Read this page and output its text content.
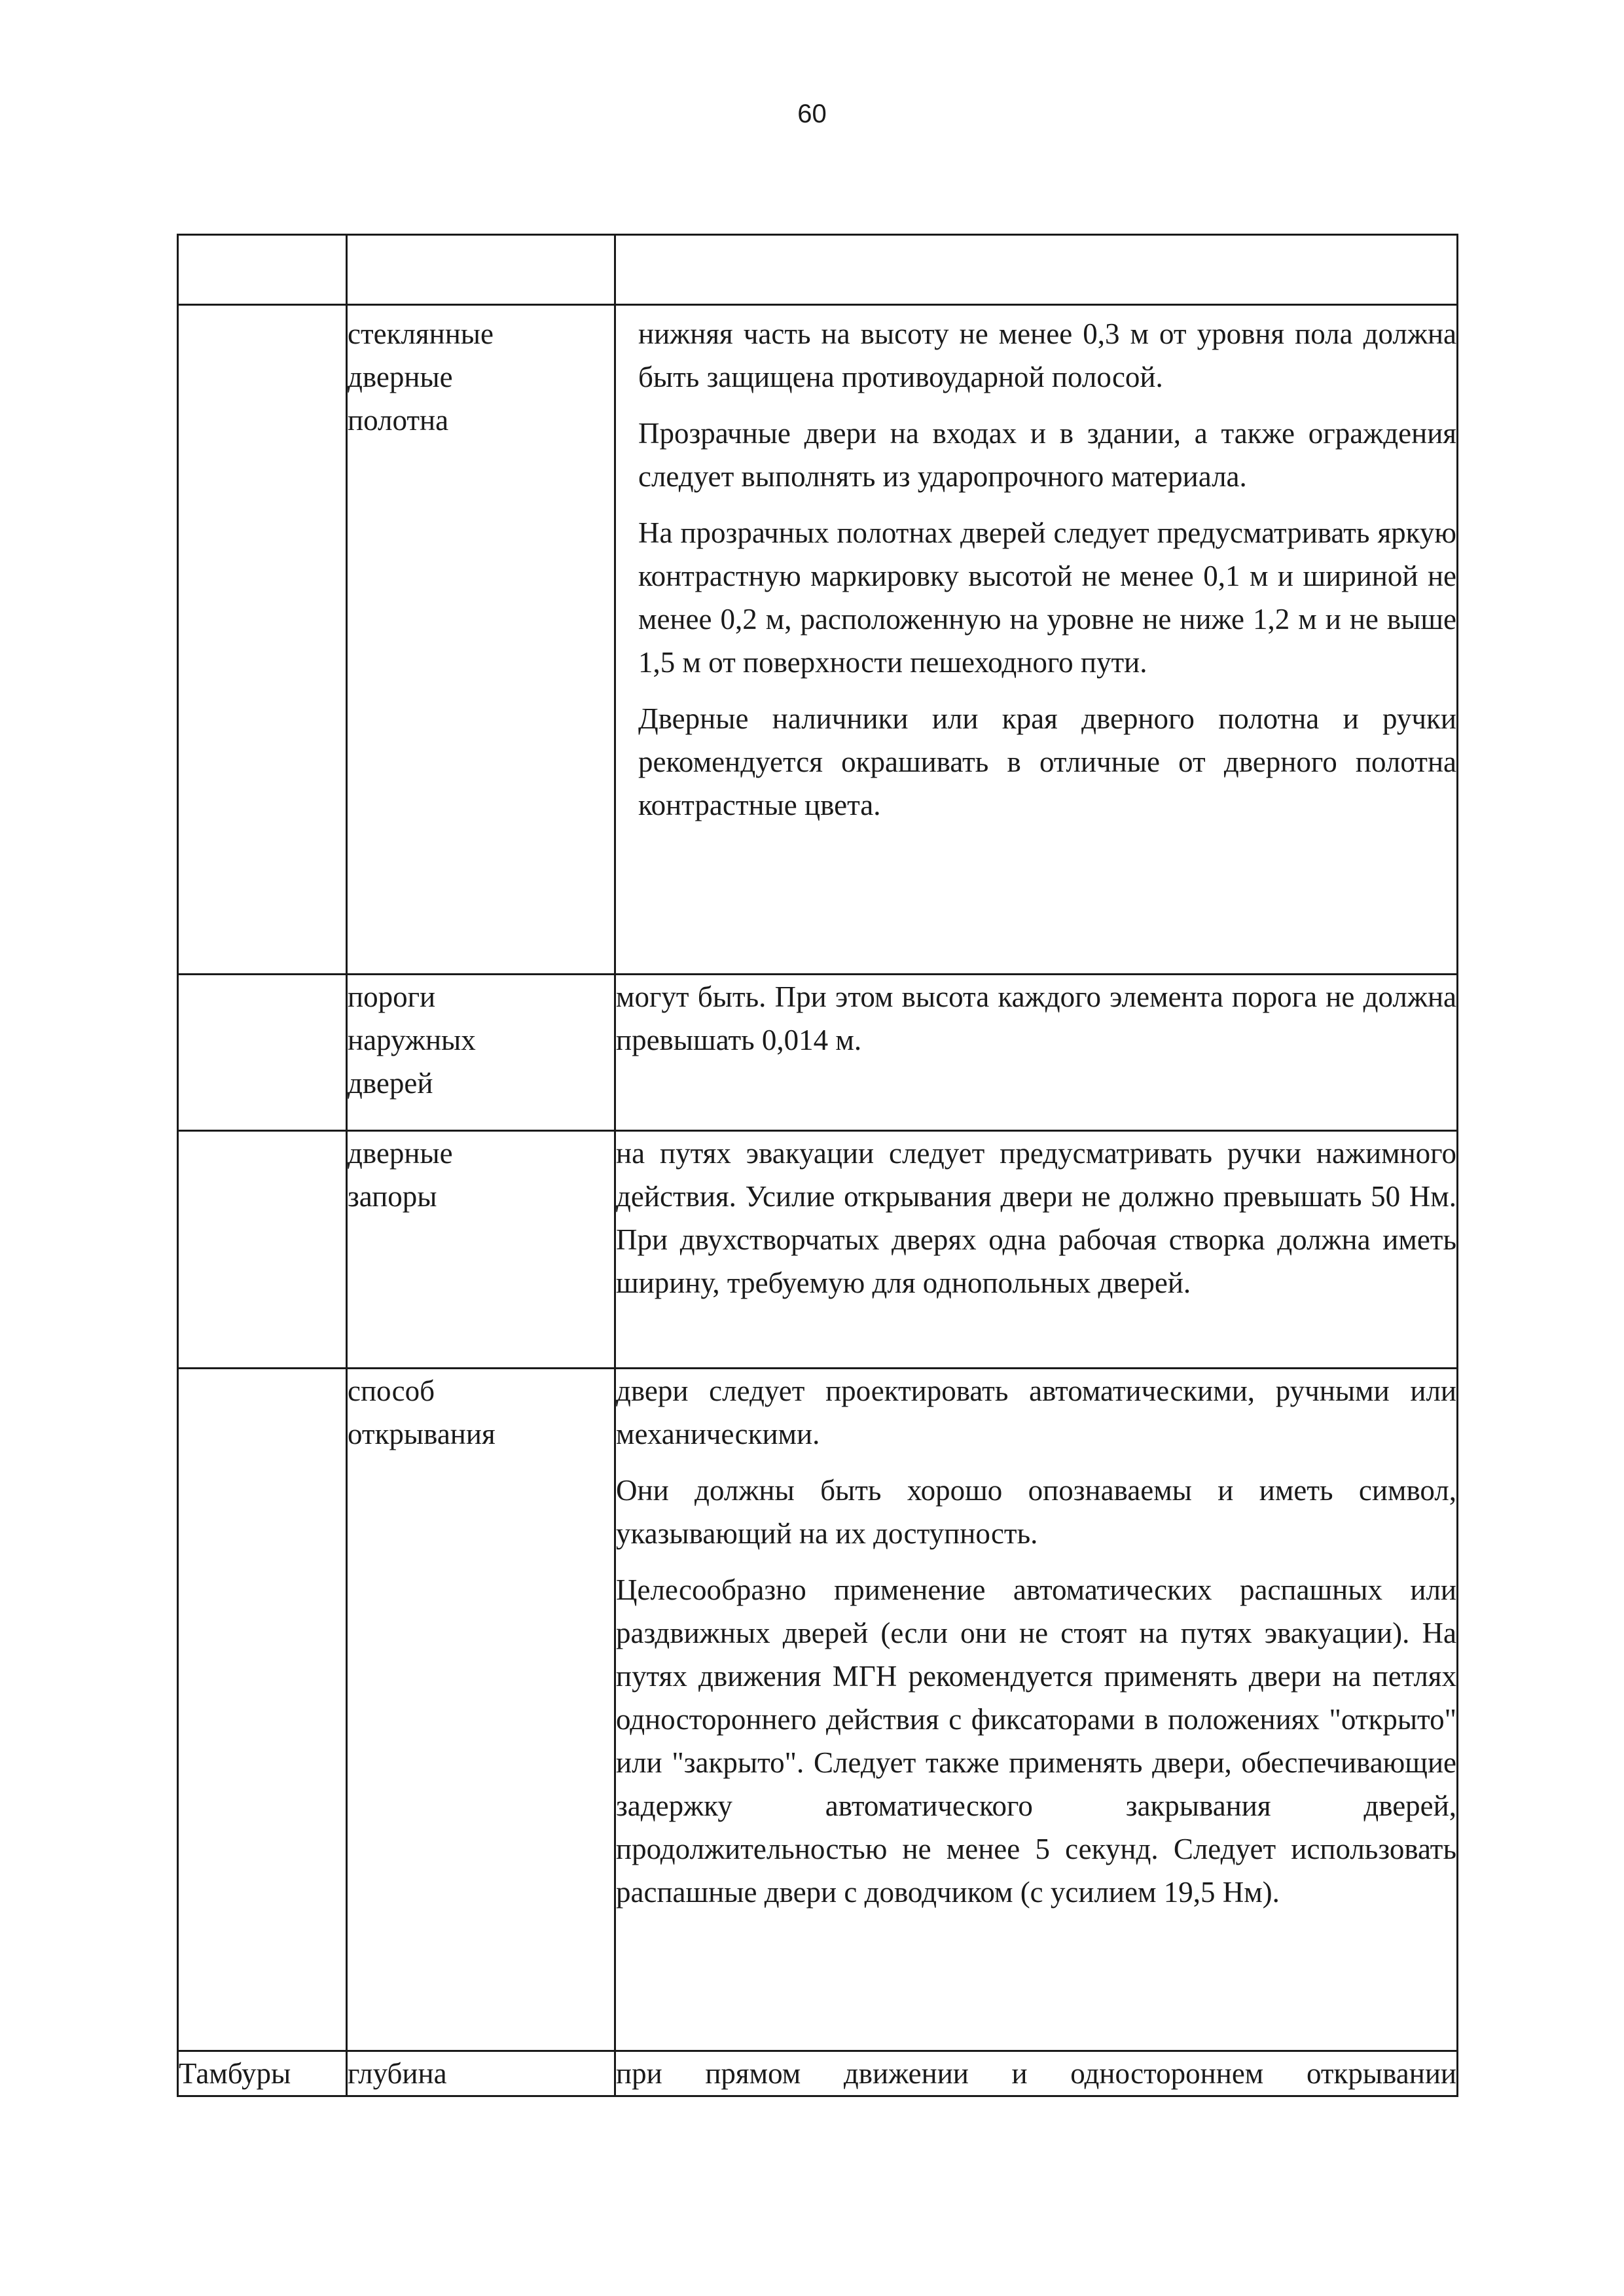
60

	стеклянные дверные полотна	нижняя часть на высоту не менее 0,3 м от уровня пола должна быть защищена противоударной полосой.

Прозрачные двери на входах и в здании, а также ограждения следует выполнять из ударопрочного материала.

На прозрачных полотнах дверей следует предусматривать яркую контрастную маркировку высотой не менее 0,1 м и шириной не менее 0,2 м, расположенную на уровне не ниже 1,2 м и не выше 1,5 м от поверхности пешеходного пути.

Дверные наличники или края дверного полотна и ручки рекомендуется окрашивать в отличные от дверного полотна контрастные цвета.

	пороги наружных дверей	могут быть. При этом высота каждого элемента порога не должна превышать 0,014 м.

	дверные запоры	на путях эвакуации следует предусматривать ручки нажимного действия. Усилие открывания двери не должно превышать 50 Нм. При двухстворчатых дверях одна рабочая створка должна иметь ширину, требуемую для однопольных дверей.

	способ открывания	двери следует проектировать автоматическими, ручными или механическими.

Они должны быть хорошо опознаваемы и иметь символ, указывающий на их доступность.

Целесообразно применение автоматических распашных или раздвижных дверей (если они не стоят на путях эвакуации). На путях движения МГН рекомендуется применять двери на петлях одностороннего действия с фиксаторами в положениях "открыто" или "закрыто". Следует также применять двери, обеспечивающие задержку автоматического закрывания дверей, продолжительностью не менее 5 секунд. Следует использовать распашные двери с доводчиком (с усилием 19,5 Нм).

Тамбуры	глубина	при прямом движении и одностороннем открывании
